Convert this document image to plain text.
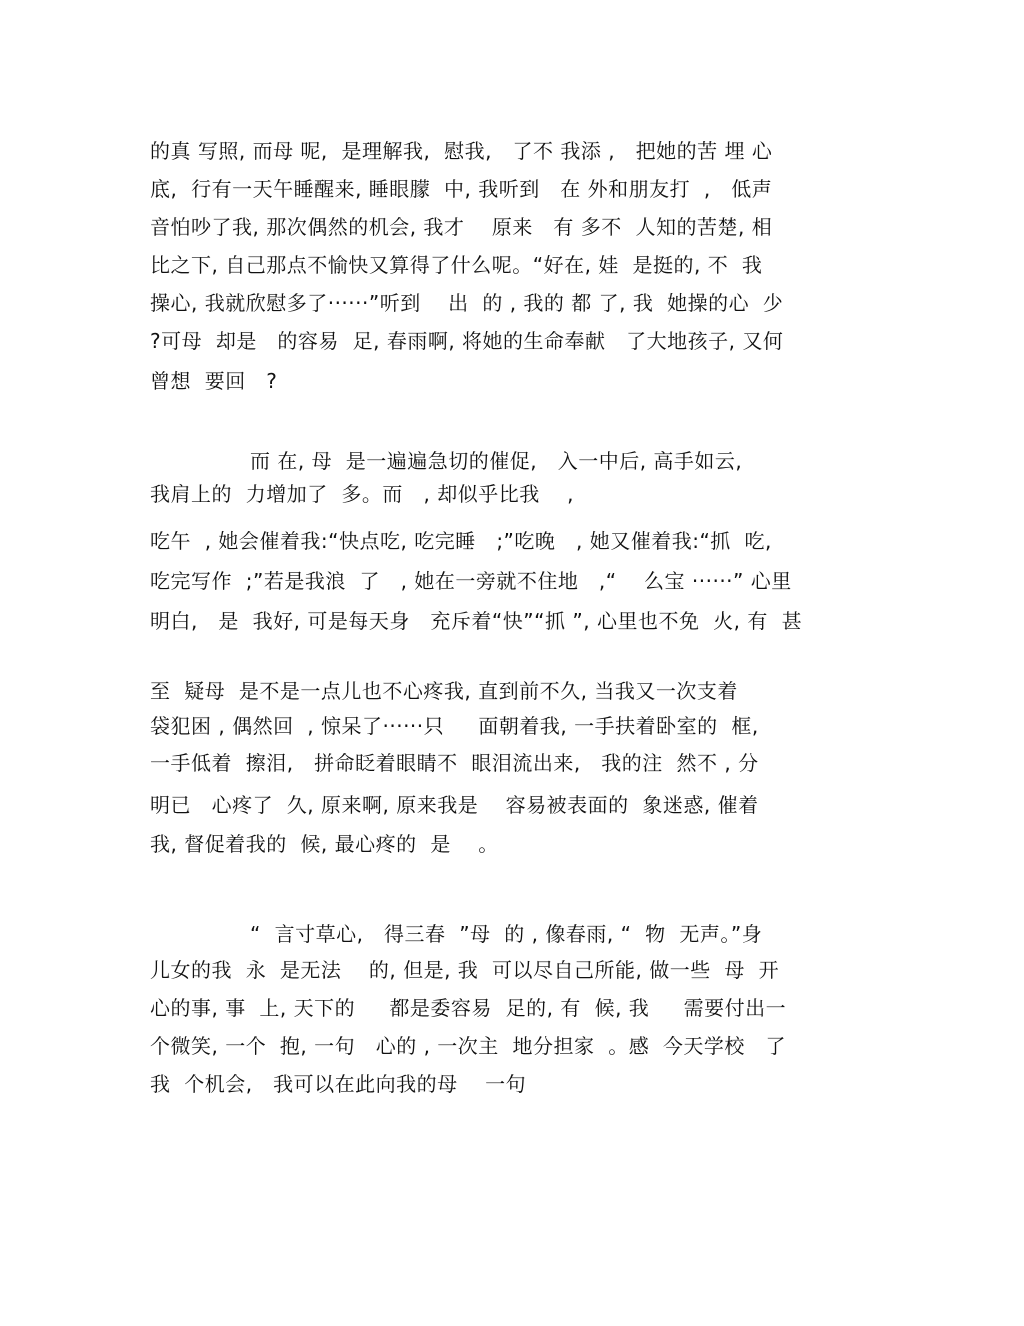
的真 写照, 而母 呢,  是理解我,  慰我,   了不 我添 ,   把她的苦 埋 心
底,  行有一天午睡醒来, 睡眼朦  中, 我听到   在 外和朋友打  ,   低声
音怕吵了我, 那次偶然的机会, 我才    原来   有 多不  人知的苦楚, 相
比之下, 自己那点不愉快又算得了什么呢。“好在, 娃  是挺的, 不  我
操心, 我就欣慰多了······”听到    出  的 , 我的 都 了, 我  她操的心  少
?可母  却是   的容易  足, 春雨啊, 将她的生命奉献   了大地孩子, 又何
曾想  要回   ?
而 在, 母  是一遍遍急切的催促,   入一中后, 高手如云,
我肩上的  力增加了  多。而   , 却似乎比我    ,
吃午  , 她会催着我:“快点吃, 吃完睡   ;”吃晚   , 她又催着我:“抓  吃,
吃完写作  ;”若是我浪  了   , 她在一旁就不住地   ,“    么宝 ······” 心里
明白,   是  我好, 可是每天身   充斥着“快”“抓 ”, 心里也不免  火, 有  甚
至  疑母  是不是一点儿也不心疼我, 直到前不久, 当我又一次支着
袋犯困 , 偶然回  , 惊呆了······只     面朝着我, 一手扶着卧室的  框,
一手低着  擦泪,   拼命眨着眼睛不  眼泪流出来,   我的注  然不 , 分
明已   心疼了  久, 原来啊, 原来我是    容易被表面的  象迷惑, 催着
我, 督促着我的  候, 最心疼的  是    。
“  言寸草心,   得三春  ”母  的 , 像春雨, “  物  无声。”身
儿女的我  永  是无法    的, 但是, 我  可以尽自己所能, 做一些  母  开
心的事, 事  上, 天下的     都是委容易  足的, 有  候, 我     需要付出一
个微笑, 一个  抱, 一句   心的 , 一次主  地分担家  。感  今天学校   了
我  个机会,   我可以在此向我的母    一句
